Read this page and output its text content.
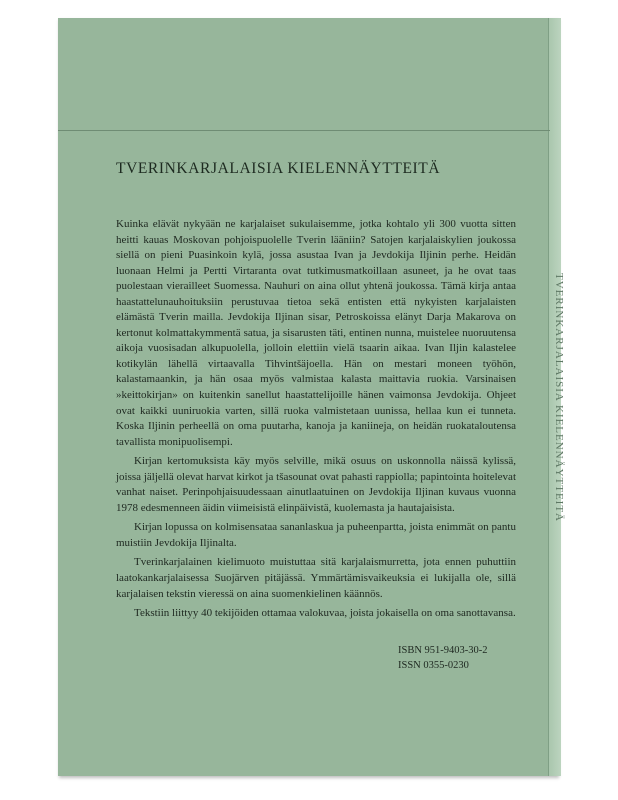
TVERINKARJALAISIA KIELENNÄYTTEITÄ
TVERINKARJALAISIA KIELENNÄYTTEITÄ

Kuinka elävät nykyään ne karjalaiset sukulaisemme, jotka kohtalo yli 300 vuotta sitten heitti kauas Moskovan pohjoispuolelle Tverin lääniin? Satojen karjalaiskylien joukossa siellä on pieni Puasinkoin kylä, jossa asustaa Ivan ja Jevdokija Iljinin perhe. Heidän luonaan Helmi ja Pertti Virtaranta ovat tutkimusmatkoillaan asuneet, ja he ovat taas puolestaan vierailleet Suomessa. Nauhuri on aina ollut yhtenä joukossa. Tämä kirja antaa haastattelunauhoituksiin perustuvaa tietoa sekä entisten että nykyisten karjalaisten elämästä Tverin mailla. Jevdokija Iljinan sisar, Petroskoissa elänyt Darja Makarova on kertonut kolmattakymmentä satua, ja sisarusten täti, entinen nunna, muistelee nuoruutensa aikoja vuosisadan alkupuolella, jolloin elettiin vielä tsaarin aikaa. Ivan Iljin kalastelee kotikylän lähellä virtaavalla Tihvintšäjoella. Hän on mestari moneen työhön, kalastamaankin, ja hän osaa myös valmistaa kalasta maittavia ruokia. Varsinaisen »keittokirjan» on kuitenkin sanellut haastattelijoille hänen vaimonsa Jevdokija. Ohjeet ovat kaikki uuniruokia varten, sillä ruoka valmistetaan uunissa, hellaa kun ei tunneta. Koska Iljinin perheellä on oma puutarha, kanoja ja kaniineja, on heidän ruokataloutensa tavallista monipuolisempi.

Kirjan kertomuksista käy myös selville, mikä osuus on uskonnolla näissä kylissä, joissa jäljellä olevat harvat kirkot ja tšasounat ovat pahasti rappiolla; papintointa hoitelevat vanhat naiset. Perinpohjaisuudessaan ainutlaatuinen on Jevdokija Iljinan kuvaus vuonna 1978 edesmenneen äidin viimeisistä elinpäivistä, kuolemasta ja hautajaisista.

Kirjan lopussa on kolmisensataa sananlaskua ja puheenparttа, joista enimmät on pantu muistiin Jevdokija Iljinalta.

Tverinkarjalainen kielimuoto muistuttaa sitä karjalaismurretta, jota ennen puhuttiin laatokankarjalaisessa Suojärven pitäjässä. Ymmärtämisvaikeuksia ei lukijalla ole, sillä karjalaisen tekstin vieressä on aina suomenkielinen käännös.

Tekstiin liittyy 40 tekijöiden ottamaa valokuvaa, joista jokaisella on oma sanottavansa.

ISBN 951-9403-30-2
ISSN 0355-0230
